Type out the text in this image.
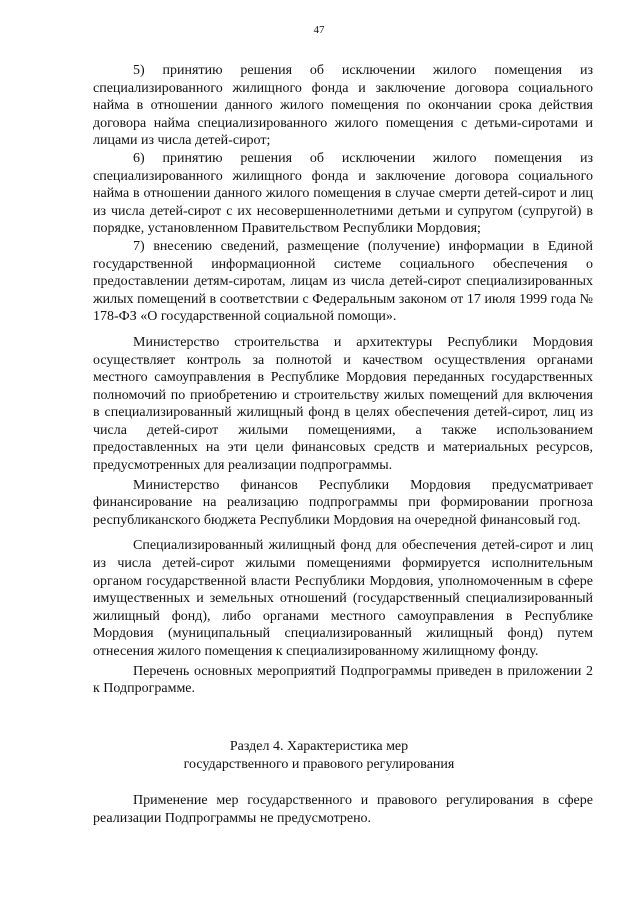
47

5) принятию решения об исключении жилого помещения из специализированного жилищного фонда и заключение договора социального найма в отношении данного жилого помещения по окончании срока действия договора найма специализированного жилого помещения с детьми-сиротами и лицами из числа детей-сирот;

6) принятию решения об исключении жилого помещения из специализированного жилищного фонда и заключение договора социального найма в отношении данного жилого помещения в случае смерти детей-сирот и лиц из числа детей-сирот с их несовершеннолетними детьми и супругом (супругой) в порядке, установленном Правительством Республики Мордовия;

7) внесению сведений, размещение (получение) информации в Единой государственной информационной системе социального обеспечения о предоставлении детям-сиротам, лицам из числа детей-сирот специализированных жилых помещений в соответствии с Федеральным законом от 17 июля 1999 года № 178-ФЗ «О государственной социальной помощи».

Министерство строительства и архитектуры Республики Мордовия осуществляет контроль за полнотой и качеством осуществления органами местного самоуправления в Республике Мордовия переданных государственных полномочий по приобретению и строительству жилых помещений для включения в специализированный жилищный фонд в целях обеспечения детей-сирот, лиц из числа детей-сирот жилыми помещениями, а также использованием предоставленных на эти цели финансовых средств и материальных ресурсов, предусмотренных для реализации подпрограммы.

Министерство финансов Республики Мордовия предусматривает финансирование на реализацию подпрограммы при формировании прогноза республиканского бюджета Республики Мордовия на очередной финансовый год.

Специализированный жилищный фонд для обеспечения детей-сирот и лиц из числа детей-сирот жилыми помещениями формируется исполнительным органом государственной власти Республики Мордовия, уполномоченным в сфере имущественных и земельных отношений (государственный специализированный жилищный фонд), либо органами местного самоуправления в Республике Мордовия (муниципальный специализированный жилищный фонд) путем отнесения жилого помещения к специализированному жилищному фонду.

Перечень основных мероприятий Подпрограммы приведен в приложении 2 к Подпрограмме.

Раздел 4. Характеристика мер
государственного и правового регулирования

Применение мер государственного и правового регулирования в сфере реализации Подпрограммы не предусмотрено.
